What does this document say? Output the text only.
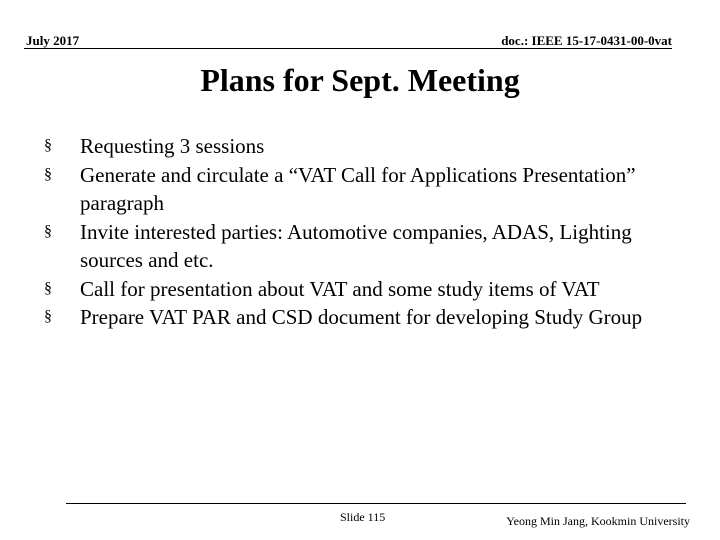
July 2017	doc.: IEEE 15-17-0431-00-0vat
Plans for Sept. Meeting
§ Requesting 3 sessions
§ Generate and circulate a “VAT Call for Applications Presentation” paragraph
§ Invite interested parties: Automotive companies, ADAS, Lighting sources and etc.
§ Call for presentation about VAT and some study items of VAT
§ Prepare VAT PAR and CSD document for developing Study Group
Slide 115	Yeong Min Jang, Kookmin University
